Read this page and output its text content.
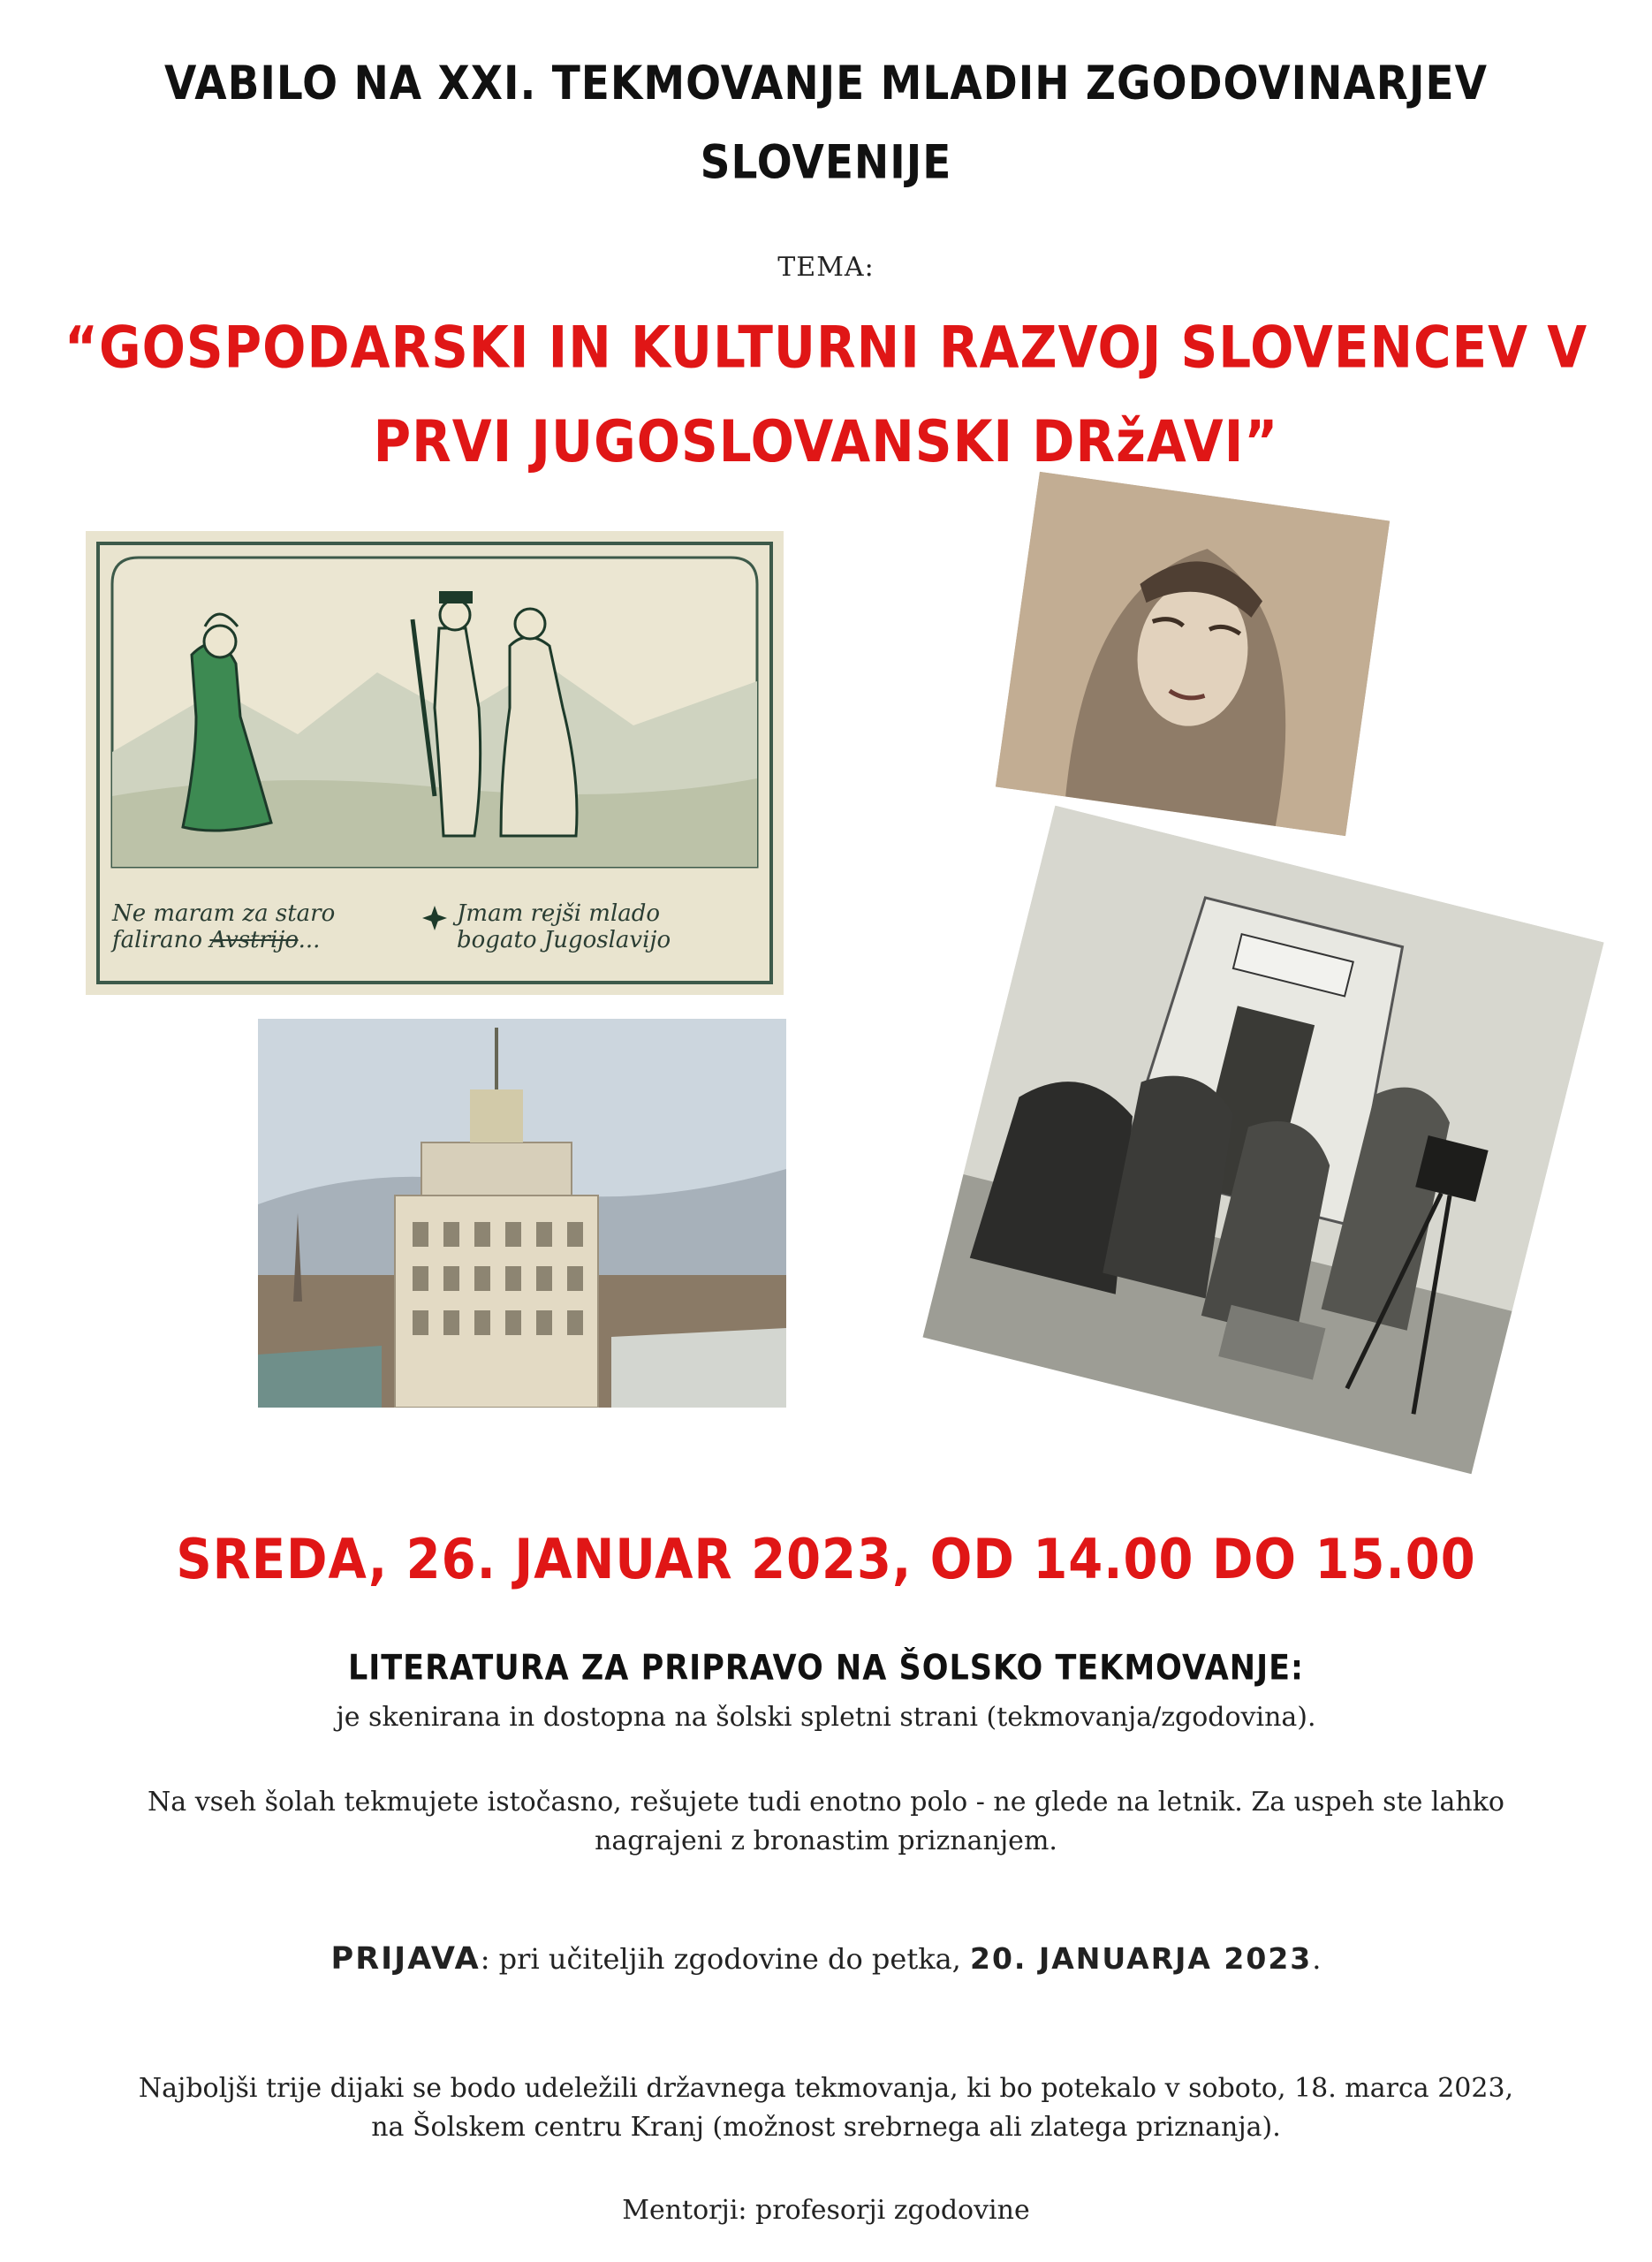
VABILO NA XXI. TEKMOVANJE MLADIH ZGODOVINARJEV
SLOVENIJE
TEMA:
“GOSPODARSKI IN KULTURNI RAZVOJ SLOVENCEV V
PRVI JUGOSLOVANSKI DRžAVI”
Ne maram za staro
falirano Avstrijo...
Jmam rejši mlado
bogato Jugoslavijo
SREDA, 26. JANUAR 2023, OD 14.00 DO 15.00
LITERATURA ZA PRIPRAVO NA ŠOLSKO TEKMOVANJE:
je skenirana in dostopna na šolski spletni strani (tekmovanja/zgodovina).
Na vseh šolah tekmujete istočasno, rešujete tudi enotno polo - ne glede na letnik. Za uspeh ste lahko
nagrajeni z bronastim priznanjem.
PRIJAVA: pri učiteljih zgodovine do petka, 20. JANUARJA 2023.
Najboljši trije dijaki se bodo udeležili državnega tekmovanja, ki bo potekalo v soboto, 18. marca 2023,
na Šolskem centru Kranj (možnost srebrnega ali zlatega priznanja).
Mentorji: profesorji zgodovine
